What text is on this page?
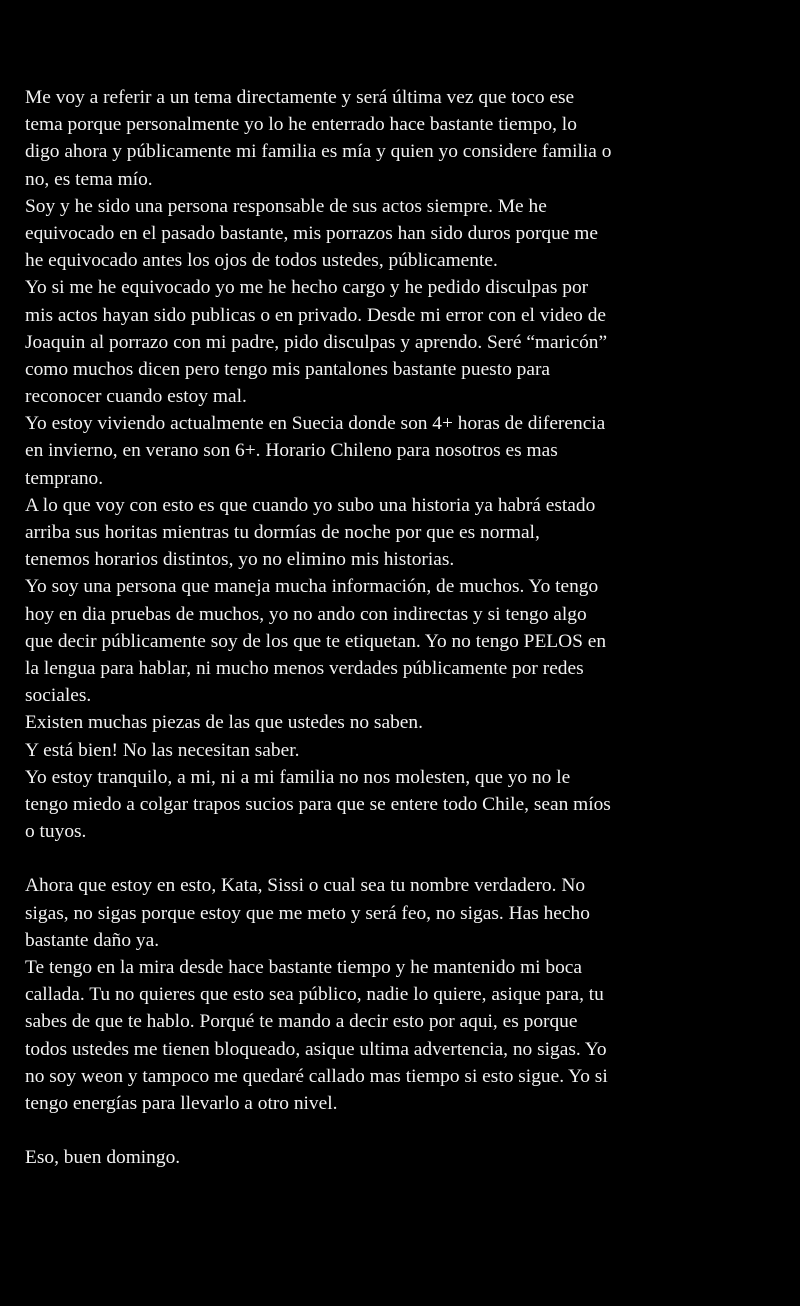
Me voy a referir a un tema directamente y será última vez que toco ese
tema porque personalmente yo lo he enterrado hace bastante tiempo, lo
digo ahora y públicamente mi familia es mía y quien yo considere familia o
no, es tema mío.
Soy y he sido una persona responsable de sus actos siempre. Me he
equivocado en el pasado bastante, mis porrazos han sido duros porque me
he equivocado antes los ojos de todos ustedes, públicamente.
Yo si me he equivocado yo me he hecho cargo y he pedido disculpas por
mis actos hayan sido publicas o en privado. Desde mi error con el video de
Joaquin al porrazo con mi padre, pido disculpas y aprendo. Seré “maricón”
como muchos dicen pero tengo mis pantalones bastante puesto para
reconocer cuando estoy mal.
Yo estoy viviendo actualmente en Suecia donde son 4+ horas de diferencia
en invierno, en verano son 6+. Horario Chileno para nosotros es mas
temprano.
A lo que voy con esto es que cuando yo subo una historia ya habrá estado
arriba sus horitas mientras tu dormías de noche por que es normal,
tenemos horarios distintos, yo no elimino mis historias.
Yo soy una persona que maneja mucha información, de muchos. Yo tengo
hoy en dia pruebas de muchos, yo no ando con indirectas y si tengo algo
que decir públicamente soy de los que te etiquetan. Yo no tengo PELOS en
la lengua para hablar, ni mucho menos verdades públicamente por redes
sociales.
Existen muchas piezas de las que ustedes no saben.
Y está bien! No las necesitan saber.
Yo estoy tranquilo, a mi, ni a mi familia no nos molesten, que yo no le
tengo miedo a colgar trapos sucios para que se entere todo Chile, sean míos
o tuyos.
Ahora que estoy en esto, Kata, Sissi o cual sea tu nombre verdadero. No
sigas, no sigas porque estoy que me meto y será feo, no sigas. Has hecho
bastante daño ya.
Te tengo en la mira desde hace bastante tiempo y he mantenido mi boca
callada. Tu no quieres que esto sea público, nadie lo quiere, asique para, tu
sabes de que te hablo. Porqué te mando a decir esto por aqui, es porque
todos ustedes me tienen bloqueado, asique ultima advertencia, no sigas. Yo
no soy weon y tampoco me quedaré callado mas tiempo si esto sigue. Yo si
tengo energías para llevarlo a otro nivel.
Eso, buen domingo.
